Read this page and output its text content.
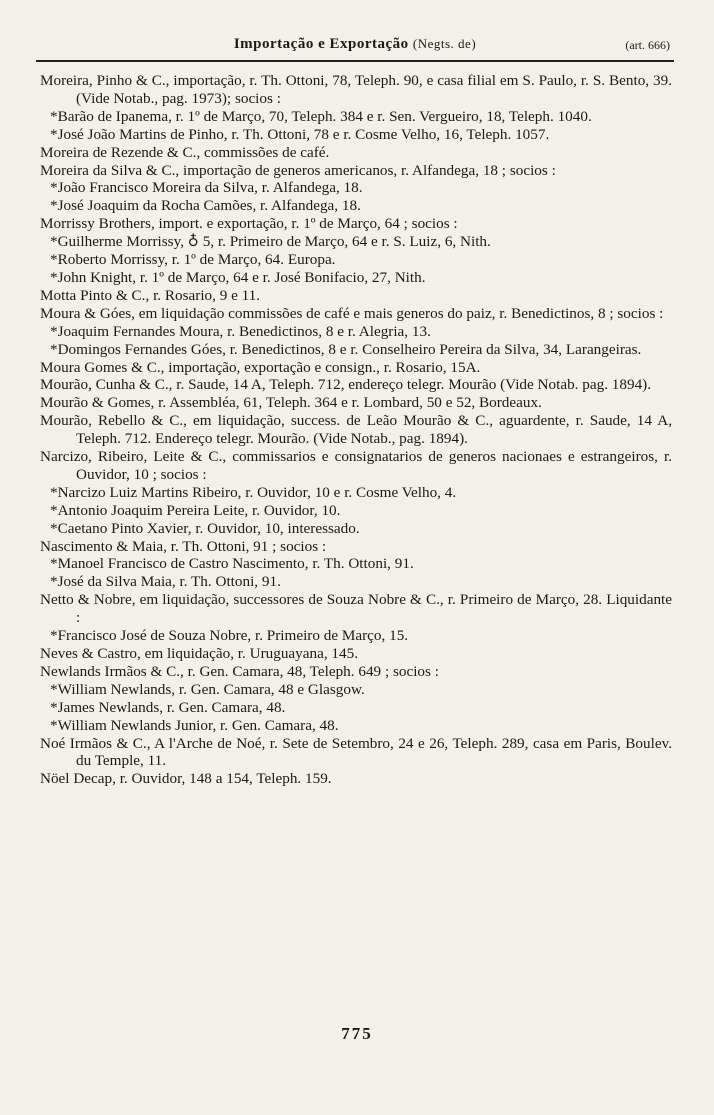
Importação e Exportação (Negts. de)	(art. 666)

Moreira, Pinho & C., importação, r. Th. Ottoni, 78, Teleph. 90, e casa filial em S. Paulo, r. S. Bento, 39. (Vide Notab., pag. 1973); socios :

*Barão de Ipanema, r. 1º de Março, 70, Teleph. 384 e r. Sen. Vergueiro, 18, Teleph. 1040.

*José João Martins de Pinho, r. Th. Ottoni, 78 e r. Cosme Velho, 16, Teleph. 1057.

Moreira de Rezende & C., commissões de café.

Moreira da Silva & C., importação de generos americanos, r. Alfandega, 18 ; socios :

*João Francisco Moreira da Silva, r. Alfandega, 18.

*José Joaquim da Rocha Camões, r. Alfandega, 18.

Morrissy Brothers, import. e exportação, r. 1º de Março, 64 ; socios :

*Guilherme Morrissy, ♁ 5, r. Primeiro de Março, 64 e r. S. Luiz, 6, Nith.

*Roberto Morrissy, r. 1º de Março, 64. Europa.

*John Knight, r. 1º de Março, 64 e r. José Bonifacio, 27, Nith.

Motta Pinto & C., r. Rosario, 9 e 11.

Moura & Góes, em liquidação commissões de café e mais generos do paiz, r. Benedictinos, 8 ; socios :

*Joaquim Fernandes Moura, r. Benedictinos, 8 e r. Alegria, 13.

*Domingos Fernandes Góes, r. Benedictinos, 8 e r. Conselheiro Pereira da Silva, 34, Larangeiras.

Moura Gomes & C., importação, exportação e consign., r. Rosario, 15A.

Mourão, Cunha & C., r. Saude, 14 A, Teleph. 712, endereço telegr. Mourão (Vide Notab. pag. 1894).

Mourão & Gomes, r. Assembléa, 61, Teleph. 364 e r. Lombard, 50 e 52, Bordeaux.

Mourão, Rebello & C., em liquidação, success. de Leão Mourão & C., aguardente, r. Saude, 14 A, Teleph. 712. Endereço telegr. Mourão. (Vide Notab., pag. 1894).

Narcizo, Ribeiro, Leite & C., commissarios e consignatarios de generos nacionaes e estrangeiros, r. Ouvidor, 10 ; socios :

*Narcizo Luiz Martins Ribeiro, r. Ouvidor, 10 e r. Cosme Velho, 4.

*Antonio Joaquim Pereira Leite, r. Ouvidor, 10.

*Caetano Pinto Xavier, r. Ouvidor, 10, interessado.

Nascimento & Maia, r. Th. Ottoni, 91 ; socios :

*Manoel Francisco de Castro Nascimento, r. Th. Ottoni, 91.

*José da Silva Maia, r. Th. Ottoni, 91.

Netto & Nobre, em liquidação, successores de Souza Nobre & C., r. Primeiro de Março, 28. Liquidante :

*Francisco José de Souza Nobre, r. Primeiro de Março, 15.

Neves & Castro, em liquidação, r. Uruguayana, 145.

Newlands Irmãos & C., r. Gen. Camara, 48, Teleph. 649 ; socios :

*William Newlands, r. Gen. Camara, 48 e Glasgow.

*James Newlands, r. Gen. Camara, 48.

*William Newlands Junior, r. Gen. Camara, 48.

Noé Irmãos & C., A l'Arche de Noé, r. Sete de Setembro, 24 e 26, Teleph. 289, casa em Paris, Boulev. du Temple, 11.

Nöel Decap, r. Ouvidor, 148 a 154, Teleph. 159.

775
